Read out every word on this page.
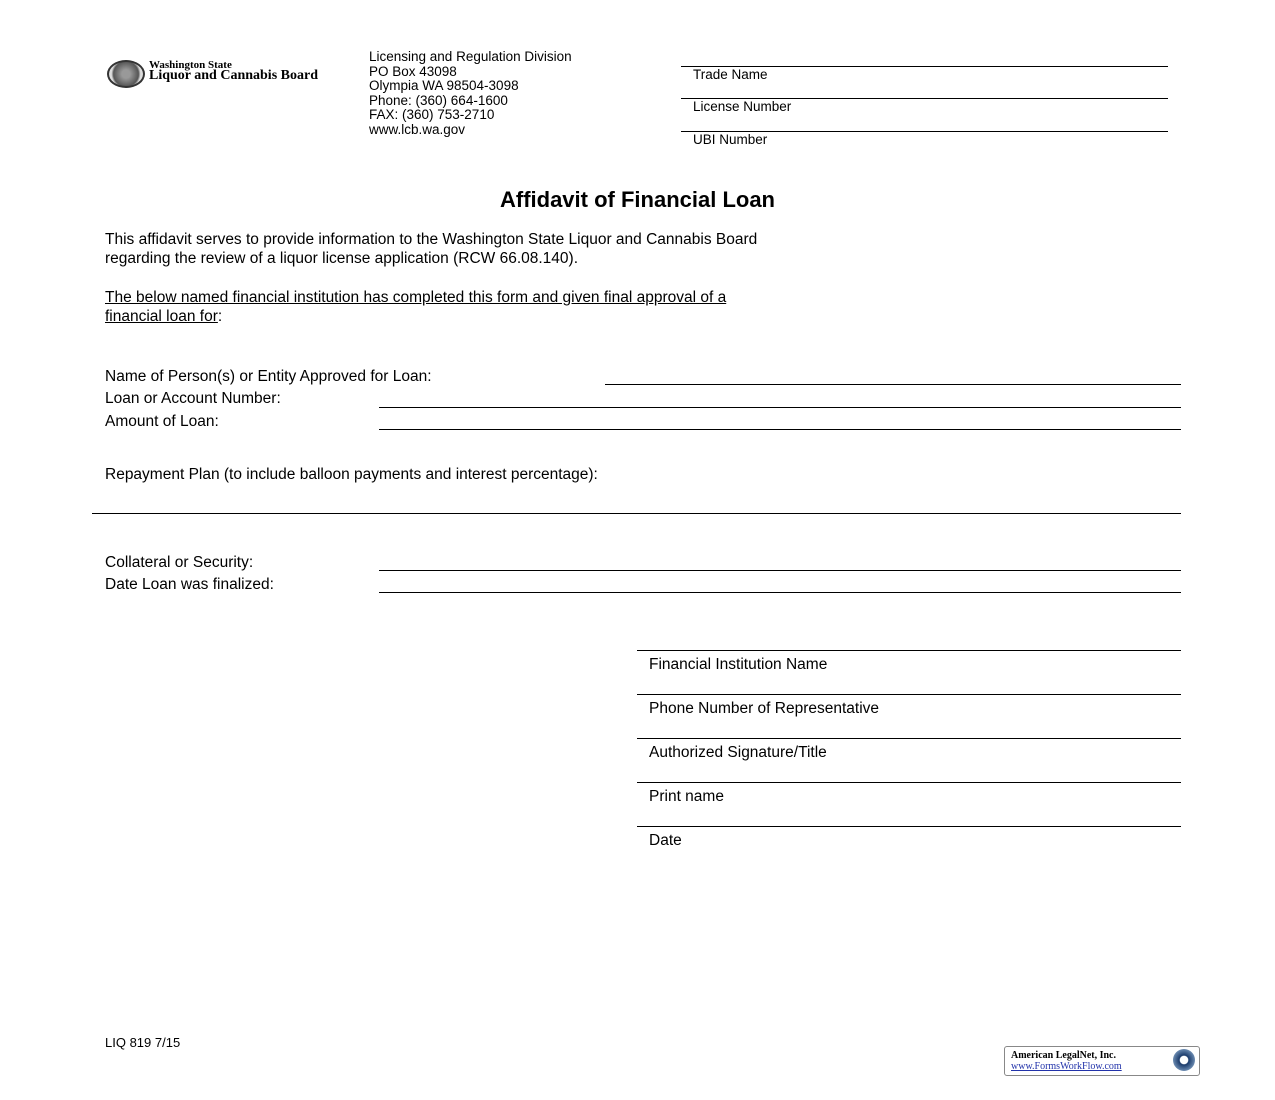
Washington State
Liquor and Cannabis Board
Licensing and Regulation Division
PO Box 43098
Olympia WA 98504-3098
Phone: (360) 664-1600
FAX: (360) 753-2710
www.lcb.wa.gov
Trade Name
License Number
UBI Number
Affidavit of Financial Loan
This affidavit serves to provide information to the Washington State Liquor and Cannabis Board
regarding the review of a liquor license application (RCW 66.08.140).
The below named financial institution has completed this form and given final approval of a
financial loan for:
Name of Person(s) or Entity Approved for Loan:
Loan or Account Number:
Amount of Loan:
Repayment Plan (to include balloon payments and interest percentage):
Collateral or Security:
Date Loan was finalized:
Financial Institution Name
Phone Number of Representative
Authorized Signature/Title
Print name
Date
LIQ 819 7/15
American LegalNet, Inc.
www.FormsWorkFlow.com
